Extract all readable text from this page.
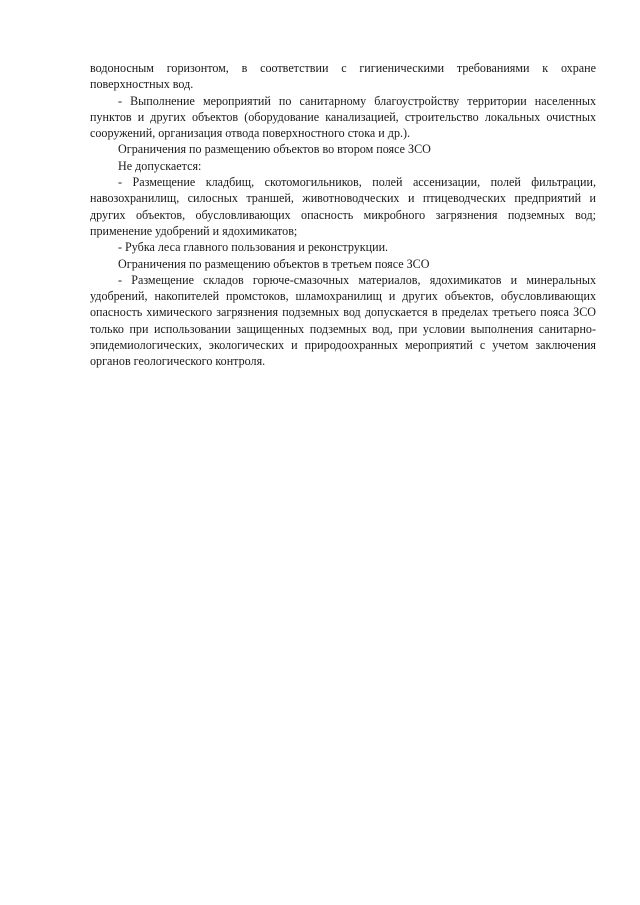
водоносным горизонтом, в соответствии с гигиеническими требованиями к охране поверхностных вод.

- Выполнение мероприятий по санитарному благоустройству территории населенных пунктов и других объектов (оборудование канализацией, строительство локальных очистных сооружений, организация отвода поверхностного стока и др.).

Ограничения по размещению объектов во втором поясе ЗСО

Не допускается:

- Размещение кладбищ, скотомогильников, полей ассенизации, полей фильтрации, навозохранилищ, силосных траншей, животноводческих и птицеводческих предприятий и других объектов, обусловливающих опасность микробного загрязнения подземных вод; применение удобрений и ядохимикатов;

- Рубка леса главного пользования и реконструкции.

Ограничения по размещению объектов в третьем поясе ЗСО

- Размещение складов горюче-смазочных материалов, ядохимикатов и минеральных удобрений, накопителей промстоков, шламохранилищ и других объектов, обусловливающих опасность химического загрязнения подземных вод допускается в пределах третьего пояса ЗСО только при использовании защищенных подземных вод, при условии выполнения санитарно-эпидемиологических, экологических и природоохранных мероприятий с учетом заключения органов геологического контроля.
